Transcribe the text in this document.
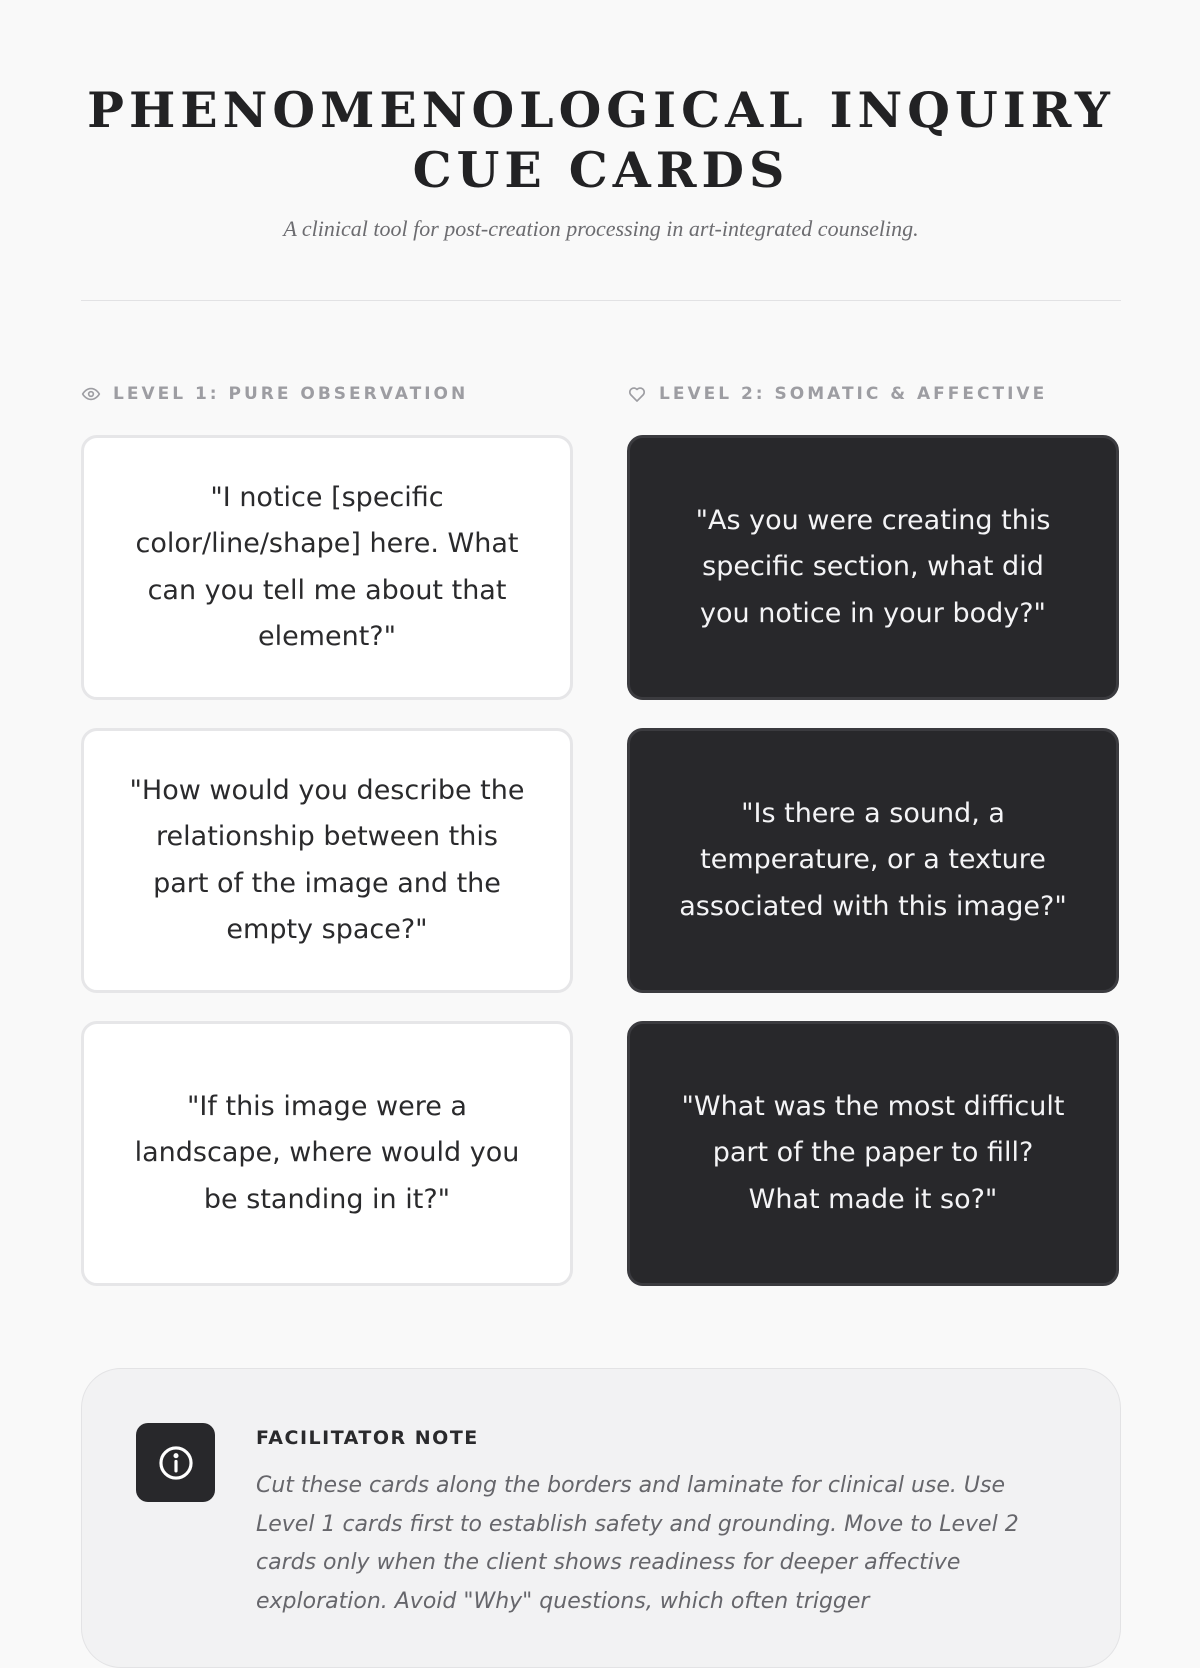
PHENOMENOLOGICAL INQUIRY CUE CARDS
A clinical tool for post-creation processing in art-integrated counseling.
LEVEL 1: PURE OBSERVATION	LEVEL 2: SOMATIC & AFFECTIVE
"I notice [specific color/line/shape] here. What can you tell me about that element?"
"How would you describe the relationship between this part of the image and the empty space?"
"If this image were a landscape, where would you be standing in it?"
"As you were creating this specific section, what did you notice in your body?"
"Is there a sound, a temperature, or a texture associated with this image?"
"What was the most difficult part of the paper to fill? What made it so?"
FACILITATOR NOTE
Cut these cards along the borders and laminate for clinical use. Use Level 1 cards first to establish safety and grounding. Move to Level 2 cards only when the client shows readiness for deeper affective exploration. Avoid "Why" questions, which often trigger
